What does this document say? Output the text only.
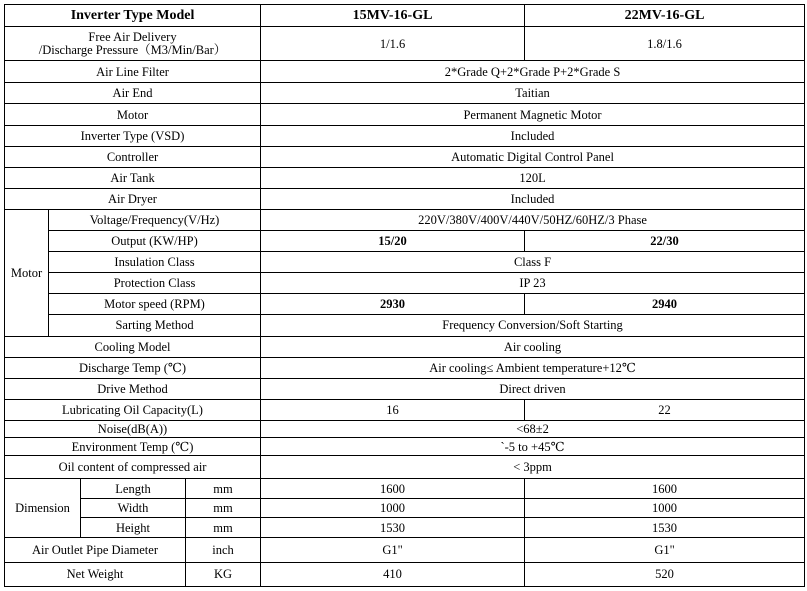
Inverter Type Model				15MV-16-GL	22MV-16-GL
Free Air Delivery
/Discharge Pressure（M3/Min/Bar）				1/1.6	1.8/1.6
Air Line Filter				2*Grade Q+2*Grade P+2*Grade S	
Air End				Taitian	
Motor				Permanent Magnetic Motor	
Inverter Type (VSD)				Included	
Controller				Automatic Digital Control Panel	
Air Tank				120L	
Air Dryer				Included	
Motor	Voltage/Frequency(V/Hz)			220V/380V/400V/440V/50HZ/60HZ/3 Phase	
	Output (KW/HP)			15/20	22/30
	Insulation Class			Class F	
	Protection Class			IP 23	
	Motor speed (RPM)			2930	2940
	Sarting Method			Frequency Conversion/Soft Starting	
Cooling Model				Air cooling	
Discharge Temp (℃)				Air cooling≤ Ambient temperature+12℃	
Drive Method				Direct driven	
Lubricating Oil Capacity(L)				16	22
Noise(dB(A))				<68±2	
Environment Temp (℃)				`-5 to +45℃	
Oil content of compressed air				< 3ppm	
Dimension		Length	mm	1600	1600
		Width	mm	1000	1000
		Height	mm	1530	1530
Air Outlet Pipe Diameter			inch	G1"	G1"
Net Weight			KG	410	520
